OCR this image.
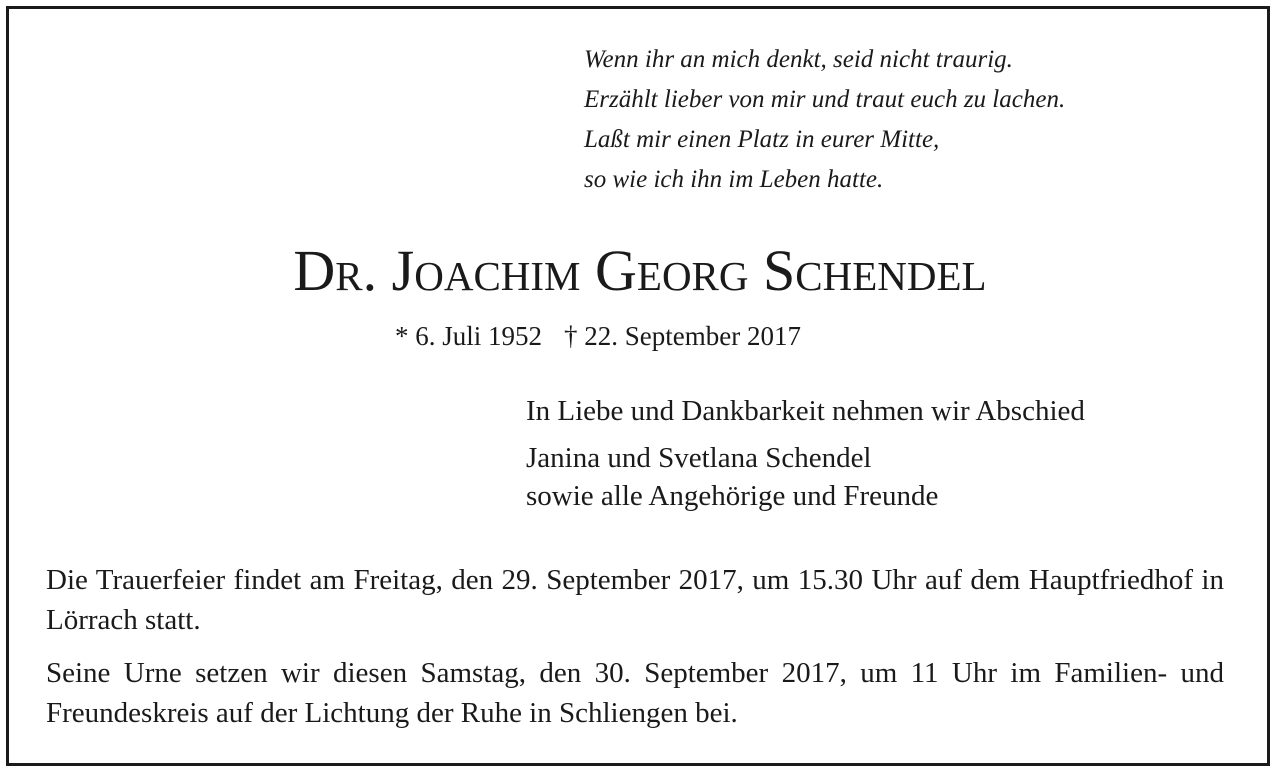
Wenn ihr an mich denkt, seid nicht traurig.
Erzählt lieber von mir und traut euch zu lachen.
Laßt mir einen Platz in eurer Mitte,
so wie ich ihn im Leben hatte.
Dr. Joachim Georg Schendel
* 6. Juli 1952 † 22. September 2017
In Liebe und Dankbarkeit nehmen wir Abschied
Janina und Svetlana Schendel
sowie alle Angehörige und Freunde
Die Trauerfeier findet am Freitag, den 29. September 2017, um 15.30 Uhr auf dem Hauptfriedhof in Lörrach statt.
Seine Urne setzen wir diesen Samstag, den 30. September 2017, um 11 Uhr im Familien- und Freundeskreis auf der Lichtung der Ruhe in Schliengen bei.
